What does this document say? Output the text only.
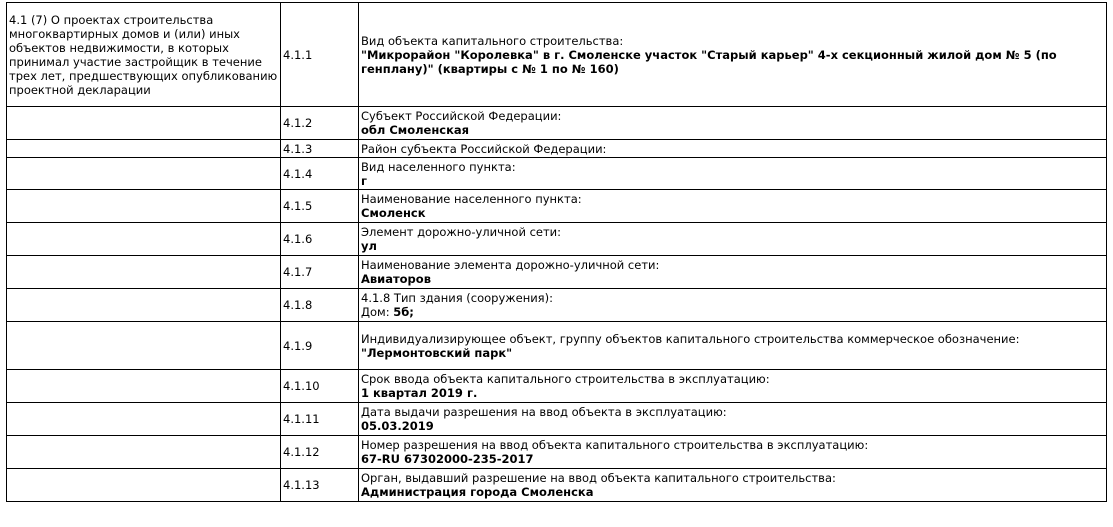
4.1 (7) О проектах строительства многоквартирных домов и (или) иных объектов недвижимости, в которых принимал участие застройщик в течение трех лет, предшествующих опубликованию проектной декларации	4.1.1	Вид объекта капитального строительства:
"Микрорайон "Королевка" в г. Смоленске участок "Старый карьер" 4-х секционный жилой дом № 5 (по генплану)" (квартиры с № 1 по № 160)

	4.1.2	Субъект Российской Федерации:
обл Смоленская

	4.1.3	Район субъекта Российской Федерации:

	4.1.4	Вид населенного пункта:
г

	4.1.5	Наименование населенного пункта:
Смоленск

	4.1.6	Элемент дорожно-уличной сети:
ул

	4.1.7	Наименование элемента дорожно-уличной сети:
Авиаторов

	4.1.8	4.1.8 Тип здания (сооружения):
Дом: 5б;

	4.1.9	Индивидуализирующее объект, группу объектов капитального строительства коммерческое обозначение:
"Лермонтовский парк"

	4.1.10	Срок ввода объекта капитального строительства в эксплуатацию:
1 квартал 2019 г.

	4.1.11	Дата выдачи разрешения на ввод объекта в эксплуатацию:
05.03.2019

	4.1.12	Номер разрешения на ввод объекта капитального строительства в эксплуатацию:
67-RU 67302000-235-2017

	4.1.13	Орган, выдавший разрешение на ввод объекта капитального строительства:
Администрация города Смоленска
